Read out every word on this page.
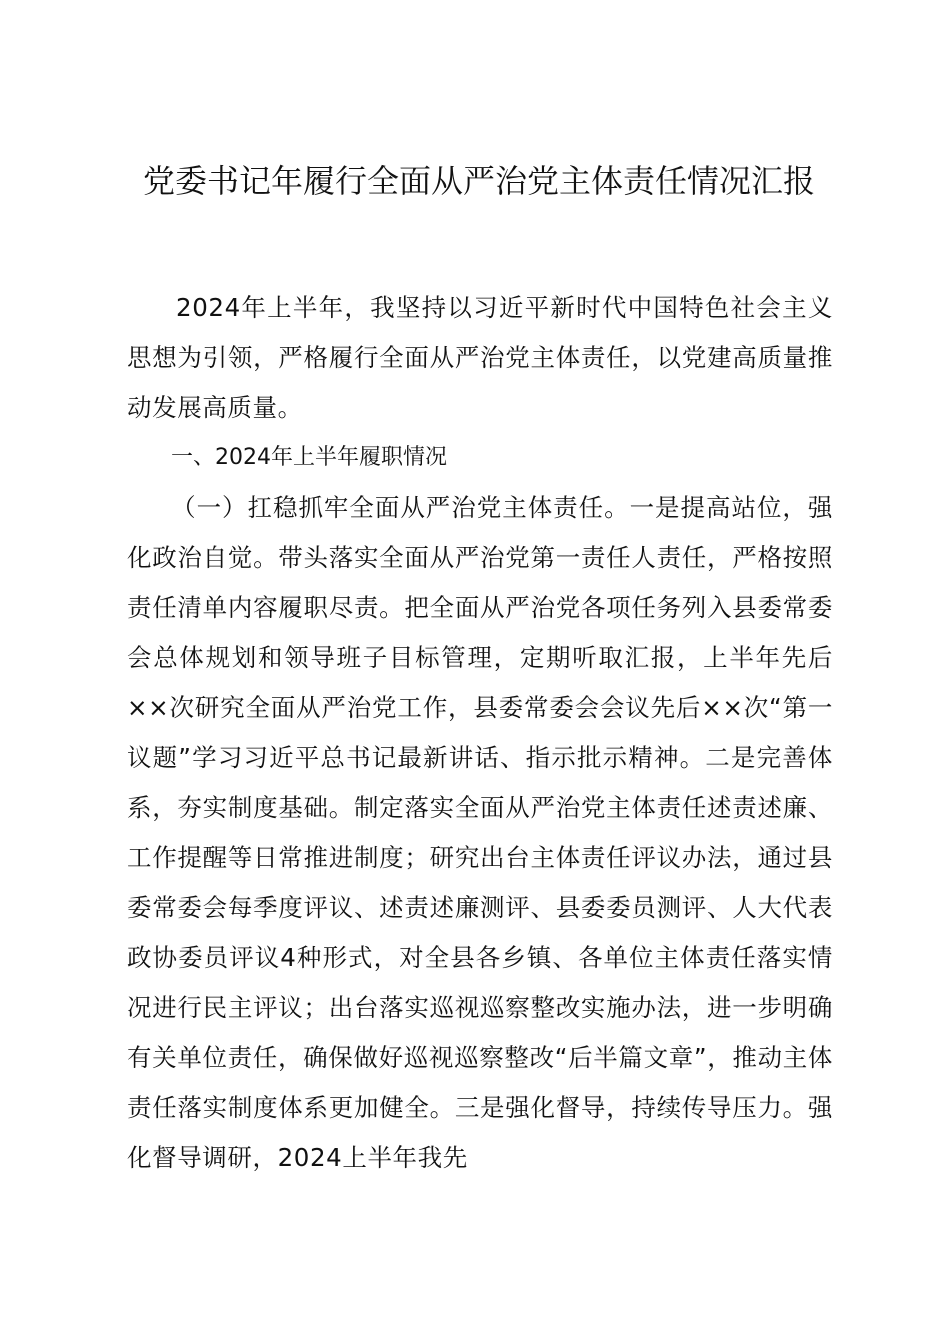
党委书记年履行全面从严治党主体责任情况汇报

2024年上半年，我坚持以习近平新时代中国特色社会主义思想为引领，严格履行全面从严治党主体责任，以党建高质量推动发展高质量。

一、2024年上半年履职情况

（一）扛稳抓牢全面从严治党主体责任。一是提高站位，强化政治自觉。带头落实全面从严治党第一责任人责任，严格按照责任清单内容履职尽责。把全面从严治党各项任务列入县委常委会总体规划和领导班子目标管理，定期听取汇报，上半年先后××次研究全面从严治党工作，县委常委会会议先后××次“第一议题”学习习近平总书记最新讲话、指示批示精神。二是完善体系，夯实制度基础。制定落实全面从严治党主体责任述责述廉、工作提醒等日常推进制度；研究出台主体责任评议办法，通过县委常委会每季度评议、述责述廉测评、县委委员测评、人大代表政协委员评议4种形式，对全县各乡镇、各单位主体责任落实情况进行民主评议；出台落实巡视巡察整改实施办法，进一步明确有关单位责任，确保做好巡视巡察整改“后半篇文章”，推动主体责任落实制度体系更加健全。三是强化督导，持续传导压力。强化督导调研，2024上半年我先
